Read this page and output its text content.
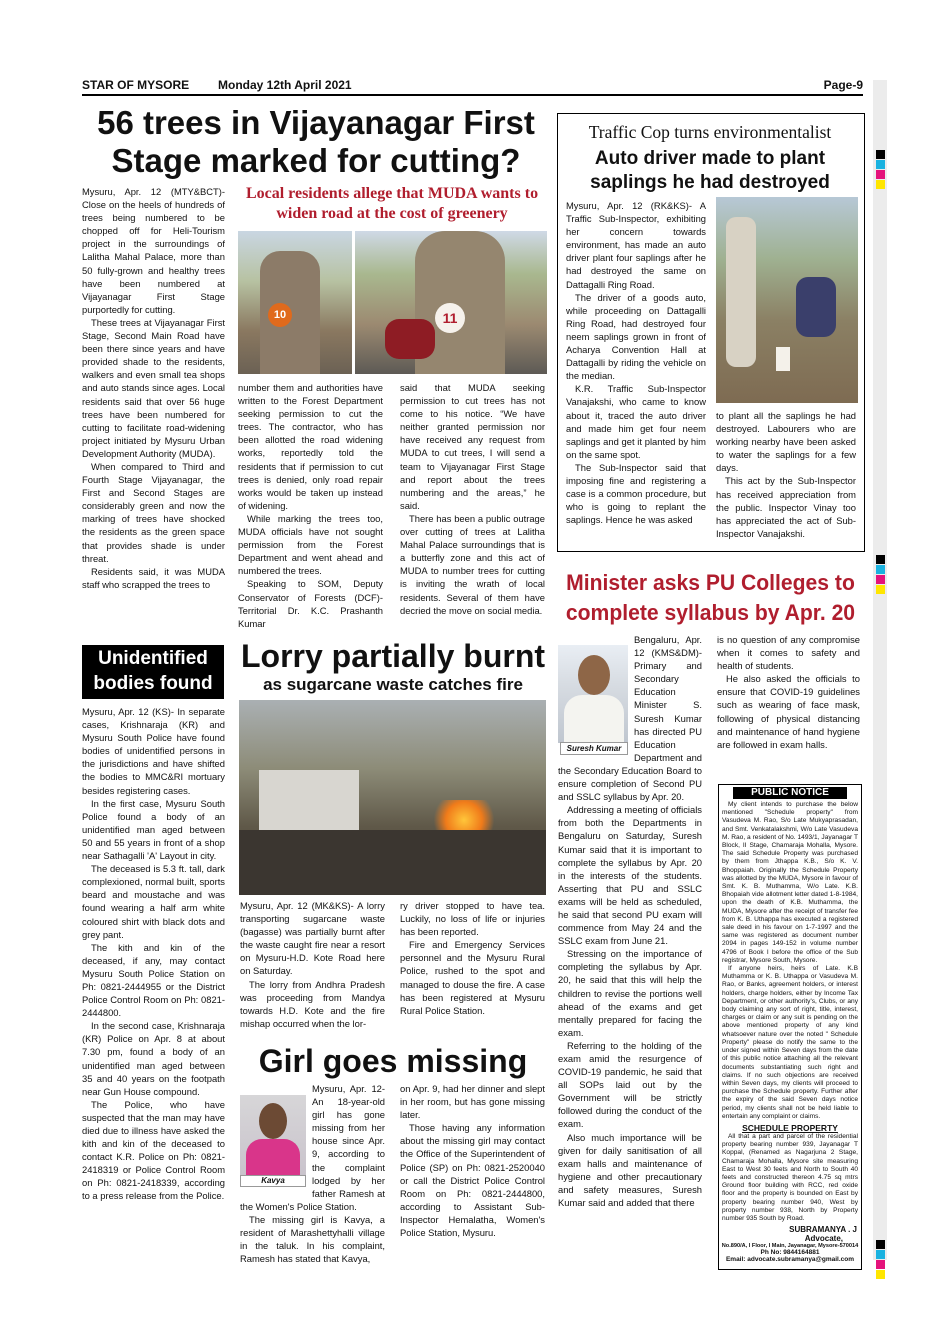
STAR OF MYSORE Monday 12th April 2021	Page-9
56 trees in Vijayanagar First Stage marked for cutting?
Local residents allege that MUDA wants to widen road at the cost of greenery
10	11

Mysuru, Apr. 12 (MTY&BCT)- Close on the heels of hundreds of trees being numbered to be chopped off for Heli-Tourism project in the surroundings of Lalitha Mahal Palace, more than 50 fully-grown and healthy trees have been numbered at Vijayanagar First Stage purportedly for cutting.

These trees at Vijayanagar First Stage, Second Main Road have been there since years and have provided shade to the residents, walkers and even small tea shops and auto stands since ages. Local residents said that over 56 huge trees have been numbered for cutting to facilitate road-widening project initiated by Mysuru Urban Development Authority (MUDA).

When compared to Third and Fourth Stage Vijayanagar, the First and Second Stages are considerably green and now the marking of trees have shocked the residents as the green space that provides shade is under threat.

Residents said, it was MUDA staff who scrapped the trees to

number them and authorities have written to the Forest Department seeking permission to cut the trees. The contractor, who has been allotted the road widening works, reportedly told the residents that if permission to cut trees is denied, only road repair works would be taken up instead of widening.

While marking the trees too, MUDA officials have not sought permission from the Forest Department and went ahead and numbered the trees.

Speaking to SOM, Deputy Conservator of Forests (DCF)-Territorial Dr. K.C. Prashanth Kumar

said that MUDA seeking permission to cut trees has not come to his notice. “We have neither granted permission nor have received any request from MUDA to cut trees, I will send a team to Vijayanagar First Stage and report about the trees numbering and the areas,” he said.

There has been a public outrage over cutting of trees at Lalitha Mahal Palace surroundings that is a butterfly zone and this act of MUDA to number trees for cutting is inviting the wrath of local residents. Several of them have decried the move on social media.

Traffic Cop turns environmentalist
Auto driver made to plant saplings he had destroyed

Mysuru, Apr. 12 (RK&KS)- A Traffic Sub-Inspector, exhibiting her concern towards environment, has made an auto driver plant four saplings after he had destroyed the same on Dattagalli Ring Road.

The driver of a goods auto, while proceeding on Dattagalli Ring Road, had destroyed four neem saplings grown in front of Acharya Convention Hall at Dattagalli by riding the vehicle on the median.

K.R. Traffic Sub-Inspector Vanajakshi, who came to know about it, traced the auto driver and made him get four neem saplings and get it planted by him on the same spot.

The Sub-Inspector said that imposing fine and registering a case is a common procedure, but who is going to replant the saplings. Hence he was asked

to plant all the saplings he had destroyed. Labourers who are working nearby have been asked to water the saplings for a few days.

This act by the Sub-Inspector has received appreciation from the public. Inspector Vinay too has appreciated the act of Sub-Inspector Vanajakshi.

Minister asks PU Colleges to complete syllabus by Apr. 20
Suresh Kumar

Bengaluru, Apr. 12 (KMS&DM)- Primary and Secondary Education Minister S. Suresh Kumar has directed PU Education Department and the Secondary Education Board to ensure completion of Second PU and SSLC syllabus by Apr. 20.

Addressing a meeting of officials from both the Departments in Bengaluru on Saturday, Suresh Kumar said that it is important to complete the syllabus by Apr. 20 in the interests of the students. Asserting that PU and SSLC exams will be held as scheduled, he said that second PU exam will commence from May 24 and the SSLC exam from June 21.

Stressing on the importance of completing the syllabus by Apr. 20, he said that this will help the children to revise the portions well ahead of the exams and get mentally prepared for facing the exam.

Referring to the holding of the exam amid the resurgence of COVID-19 pandemic, he said that all SOPs laid out by the Government will be strictly followed during the conduct of the exam.

Also much importance will be given for daily sanitisation of all exam halls and maintenance of hygiene and other precautionary and safety measures, Suresh Kumar said and added that there

is no question of any compromise when it comes to safety and health of students.

He also asked the officials to ensure that COVID-19 guidelines such as wearing of face mask, following of physical distancing and maintenance of hand hygiene are followed in exam halls.

PUBLIC NOTICE

My client intends to purchase the below mentioned "Schedule property" from Vasudeva M. Rao, S/o Late Mukyaprasadan, and Smt. Venkatalakshmi, W/o Late Vasudeva M. Rao, a resident of No. 1493/1, Jayanagar T Block, II Stage, Chamaraja Mohalla, Mysore. The said Schedule Property was purchased by them from Jthappa K.B., S/o K. V. Bhoppaiah. Originally the Schedule Property was allotted by the MUDA, Mysore in favour of Smt. K. B. Muthamma, W/o Late. K.B. Bhopaiah vide allotment letter dated 1-8-1984, upon the death of K.B. Muthamma, the MUDA, Mysore after the receipt of transfer fee from K. B. Uthappa has executed a registered sale deed in his favour on 1-7-1997 and the same was registered as document number 2094 in pages 149-152 in volume number 4796 of Book I before the office of the Sub registrar, Mysore South, Mysore.

If anyone heirs, heirs of Late. K.B Muthamma or K. B. Uthappa or Vasudeva M. Rao, or Banks, agreement holders, or interest holders, charge holders, either by Income Tax Department, or other authority's, Clubs, or any body claiming any sort of right, title, interest, charges or claim or any suit is pending on the above mentioned property of any kind whatsoever nature over the noted " Schedule Property" please do notify the same to the under signed within Seven days from the date of this public notice attaching all the relevant documents substantiating such right and claims. If no such objections are received within Seven days, my clients will proceed to purchase the Schedule property. Further after the expiry of the said Seven days notice period, my clients shall not be held liable to entertain any complaint or claims.

SCHEDULE PROPERTY

All that a part and parcel of the residential property bearing number 939, Jayanagar T Koppal, (Renamed as Nagarjuna 2 Stage, Chamaraja Mohalla, Mysore site measuring East to West 30 feets and North to South 40 feets and constructed thereon 4.75 sq mtrs Ground floor building with RCC, red oxide floor and the property is bounded on East by property bearing number 940, West by property number 938, North by Property number 935 South by Road.

SUBRAMANYA . J
Advocate,
No.890/A, I Floor, I Main, Jayanagar, Mysore-570014
Ph No: 9844164881
Email: advocate.subramanya@gmail.com
Unidentified bodies found

Mysuru, Apr. 12 (KS)- In separate cases, Krishnaraja (KR) and Mysuru South Police have found bodies of unidentified persons in the jurisdictions and have shifted the bodies to MMC&RI mortuary besides registering cases.

In the first case, Mysuru South Police found a body of an unidentified man aged between 50 and 55 years in front of a shop near Sathagalli 'A' Layout in city.

The deceased is 5.3 ft. tall, dark complexioned, normal built, sports beard and moustache and was found wearing a half arm white coloured shirt with black dots and grey pant.

The kith and kin of the deceased, if any, may contact Mysuru South Police Station on Ph: 0821-2444955 or the District Police Control Room on Ph: 0821-2444800.

In the second case, Krishnaraja (KR) Police on Apr. 8 at about 7.30 pm, found a body of an unidentified man aged between 35 and 40 years on the footpath near Gun House compound.

The Police, who have suspected that the man may have died due to illness have asked the kith and kin of the deceased to contact K.R. Police on Ph: 0821-2418319 or Police Control Room on Ph: 0821-2418339, according to a press release from the Police.

Lorry partially burnt
as sugarcane waste catches fire

Mysuru, Apr. 12 (MK&KS)- A lorry transporting sugarcane waste (bagasse) was partially burnt after the waste caught fire near a resort on Mysuru-H.D. Kote Road here on Saturday.

The lorry from Andhra Pradesh was proceeding from Mandya towards H.D. Kote and the fire mishap occurred when the lor-

ry driver stopped to have tea. Luckily, no loss of life or injuries has been reported.

Fire and Emergency Services personnel and the Mysuru Rural Police, rushed to the spot and managed to douse the fire. A case has been registered at Mysuru Rural Police Station.

Girl goes missing
Kavya

Mysuru, Apr. 12- An 18-year-old girl has gone missing from her house since Apr. 9, according to the complaint lodged by her father Ramesh at the Women's Police Station.

The missing girl is Kavya, a resident of Marashettyhalli village in the taluk. In his complaint, Ramesh has stated that Kavya,

on Apr. 9, had her dinner and slept in her room, but has gone missing later.

Those having any information about the missing girl may contact the Office of the Superintendent of Police (SP) on Ph: 0821-2520040 or call the District Police Control Room on Ph: 0821-2444800, according to Assistant Sub-Inspector Hemalatha, Women's Police Station, Mysuru.
